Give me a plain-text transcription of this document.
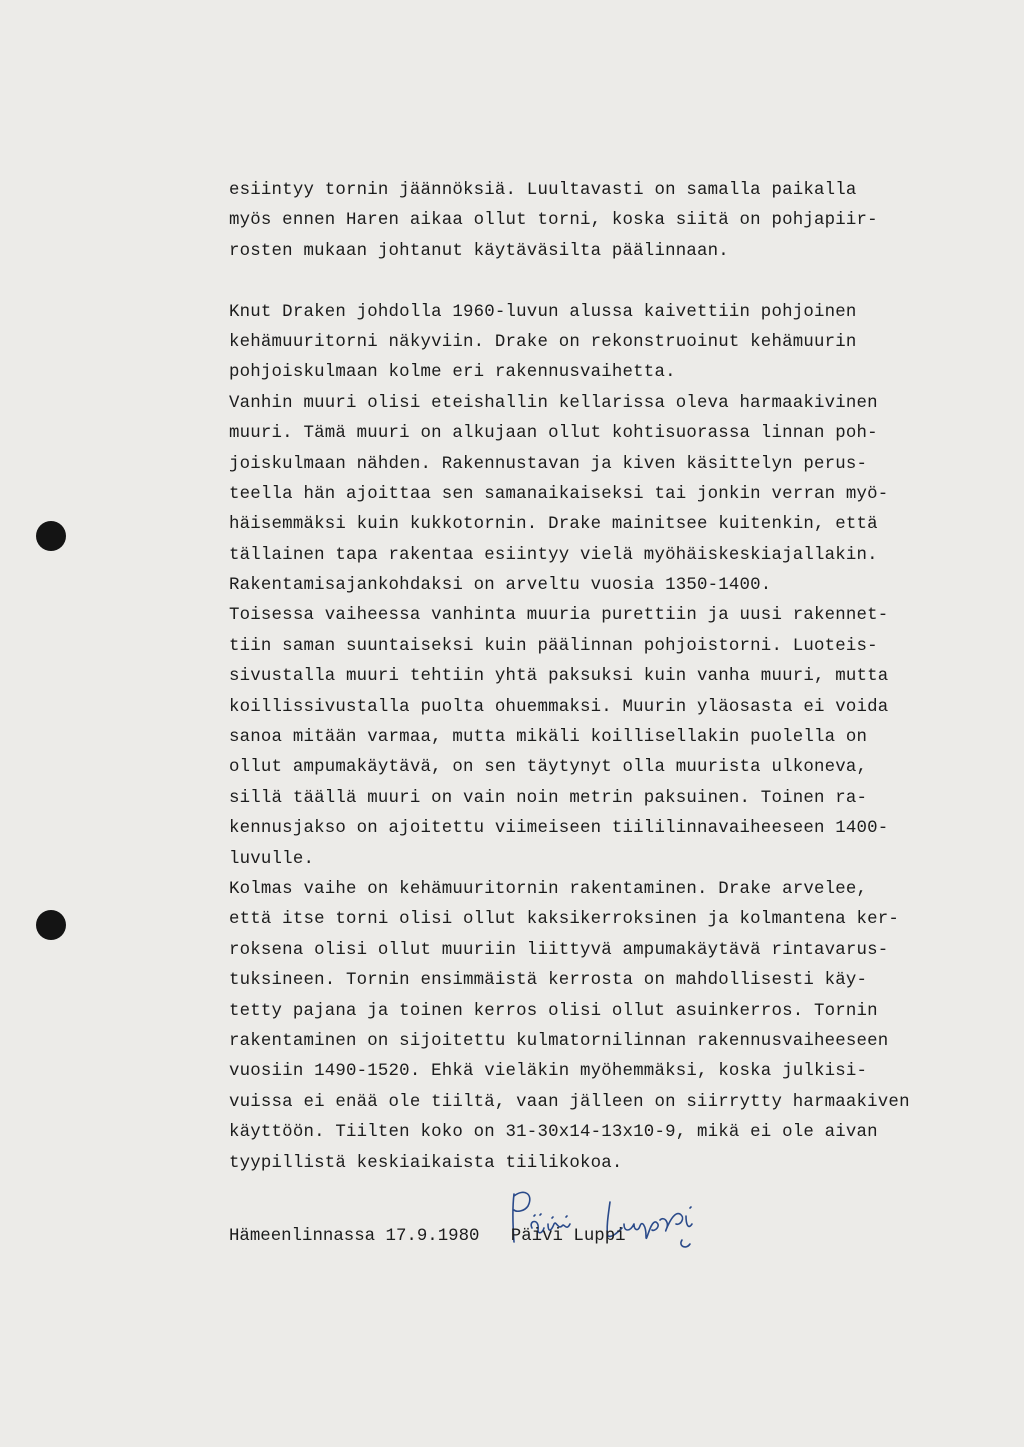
esiintyy tornin jäännöksiä. Luultavasti on samalla paikalla
myös ennen Haren aikaa ollut torni, koska siitä on pohjapiir-
rosten mukaan johtanut käytäväsilta päälinnaan.
Knut Draken johdolla 1960-luvun alussa kaivettiin pohjoinen
kehämuuritorni näkyviin. Drake on rekonstruoinut kehämuurin
pohjoiskulmaan kolme eri rakennusvaihetta.
Vanhin muuri olisi eteishallin kellarissa oleva harmaakivinen
muuri. Tämä muuri on alkujaan ollut kohtisuorassa linnan poh-
joiskulmaan nähden. Rakennustavan ja kiven käsittelyn perus-
teella hän ajoittaa sen samanaikaiseksi tai jonkin verran myö-
häisemmäksi kuin kukkotornin. Drake mainitsee kuitenkin, että
tällainen tapa rakentaa esiintyy vielä myöhäiskeskiajallakin.
Rakentamisajankohdaksi on arveltu vuosia 1350-1400.
Toisessa vaiheessa vanhinta muuria purettiin ja uusi rakennet-
tiin saman suuntaiseksi kuin päälinnan pohjoistorni. Luoteis-
sivustalla muuri tehtiin yhtä paksuksi kuin vanha muuri, mutta
koillissivustalla puolta ohuemmaksi. Muurin yläosasta ei voida
sanoa mitään varmaa, mutta mikäli koillisellakin puolella on
ollut ampumakäytävä, on sen täytynyt olla muurista ulkoneva,
sillä täällä muuri on vain noin metrin paksuinen. Toinen ra-
kennusjakso on ajoitettu viimeiseen tiililinnavaiheeseen 1400-
luvulle.
Kolmas vaihe on kehämuuritornin rakentaminen. Drake arvelee,
että itse torni olisi ollut kaksikerroksinen ja kolmantena ker-
roksena olisi ollut muuriin liittyvä ampumakäytävä rintavarus-
tuksineen. Tornin ensimmäistä kerrosta on mahdollisesti käy-
tetty pajana ja toinen kerros olisi ollut asuinkerros. Tornin
rakentaminen on sijoitettu kulmatornilinnan rakennusvaiheeseen
vuosiin 1490-1520. Ehkä vieläkin myöhemmäksi, koska julkisi-
vuissa ei enää ole tiiltä, vaan jälleen on siirrytty harmaakiven
käyttöön. Tiilten koko on 31-30x14-13x10-9, mikä ei ole aivan
tyypillistä keskiaikaista tiilikokoa.
Hämeenlinnassa 17.9.1980 Päivi Luppi
